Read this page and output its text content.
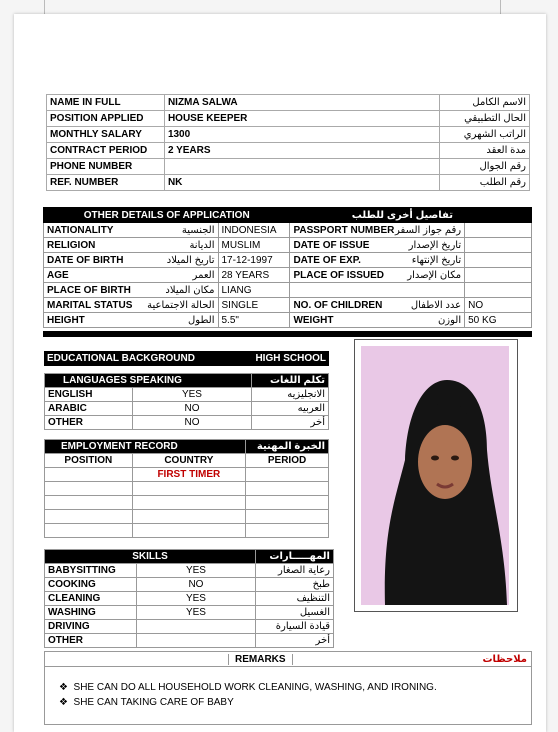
NAME IN FULL	NIZMA SALWA	الاسم الكامل
POSITION APPLIED	HOUSE KEEPER	الحال التطبيقي
MONTHLY SALARY	1300	الراتب الشهري
CONTRACT PERIOD	2 YEARS	مدة العقد
PHONE NUMBER		رقم الجوال
REF. NUMBER	NK	رقم الطلب
OTHER DETAILS OF APPLICATION		تفاصيل أخرى للطلب	
NATIONALITY الجنسية	INDONESIA	PASSPORT NUMBER رقم جواز السفر	

RELIGION الديانة	MUSLIM	DATE OF ISSUE تاريخ الإصدار	

DATE OF BIRTH تاريخ الميلاد	17-12-1997	DATE OF EXP. تاريخ الإنتهاء	

AGE العمر	28 YEARS	PLACE OF ISSUED مكان الإصدار	

PLACE OF BIRTH مكان الميلاد	LIANG	

MARITAL STATUS الحالة الاجتماعية	SINGLE	NO. OF CHILDREN عدد الاطفال	NO
HEIGHT الطول	5.5"	WEIGHT الوزن	50 KG
EDUCATIONAL BACKGROUND	HIGH SCHOOL
LANGUAGES SPEAKING		تكلم اللغات
ENGLISH	YES	الانجليزيه
ARABIC	NO	العربيه
OTHER	NO	أخر
EMPLOYMENT RECORD		الخبرة المهنية
POSITION	COUNTRY	PERIOD
	FIRST TIMER	

SKILLS		المهـــــارات
BABYSITTING	YES	رعاية الصغار
COOKING	NO	طبخ
CLEANING	YES	التنظيف
WASHING	YES	الغسيل
DRIVING		قيادة السيارة
OTHER		أخر
REMARKS	ملاحظات
❖ SHE CAN DO ALL HOUSEHOLD WORK CLEANING, WASHING, AND IRONING.
❖ SHE CAN TAKING CARE OF BABY
